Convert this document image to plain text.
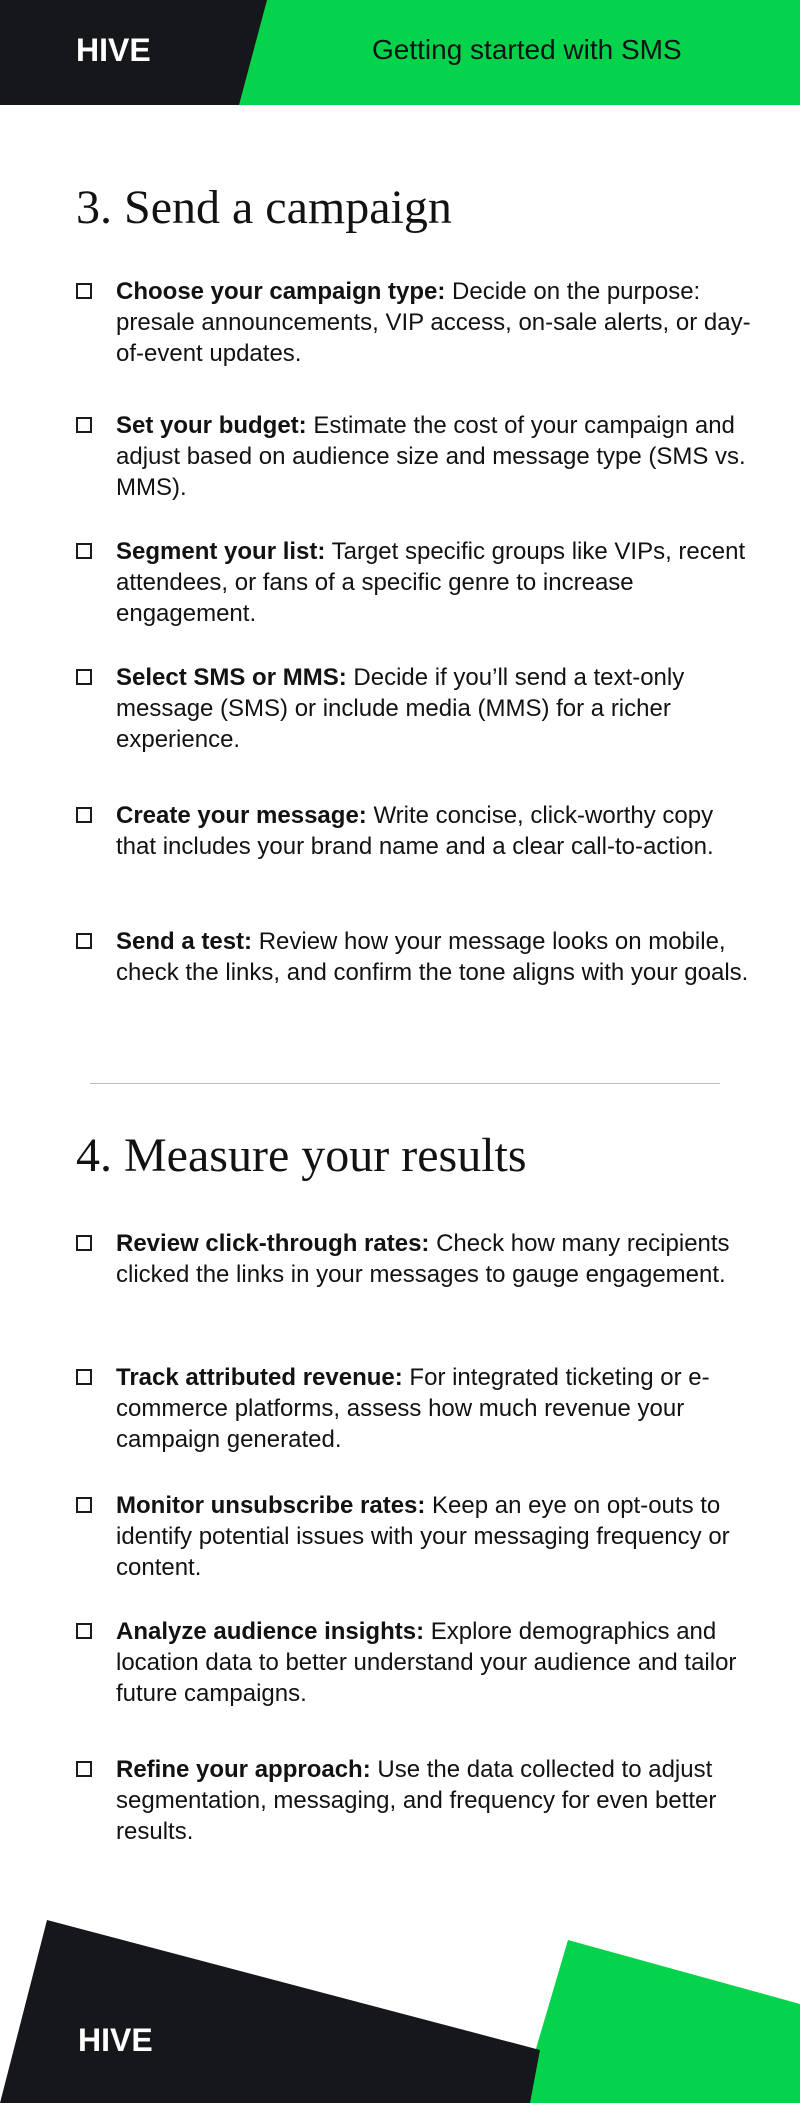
HIVE	Getting started with SMS
3. Send a campaign
Choose your campaign type: Decide on the purpose: presale announcements, VIP access, on-sale alerts, or day-of-event updates.
Set your budget: Estimate the cost of your campaign and adjust based on audience size and message type (SMS vs. MMS).
Segment your list: Target specific groups like VIPs, recent attendees, or fans of a specific genre to increase engagement.
Select SMS or MMS: Decide if you’ll send a text-only message (SMS) or include media (MMS) for a richer experience.
Create your message: Write concise, click-worthy copy that includes your brand name and a clear call-to-action.
Send a test: Review how your message looks on mobile, check the links, and confirm the tone aligns with your goals.
4. Measure your results
Review click-through rates: Check how many recipients clicked the links in your messages to gauge engagement.
Track attributed revenue: For integrated ticketing or e-commerce platforms, assess how much revenue your campaign generated.
Monitor unsubscribe rates: Keep an eye on opt-outs to identify potential issues with your messaging frequency or content.
Analyze audience insights: Explore demographics and location data to better understand your audience and tailor future campaigns.
Refine your approach: Use the data collected to adjust segmentation, messaging, and frequency for even better results.
HIVE
